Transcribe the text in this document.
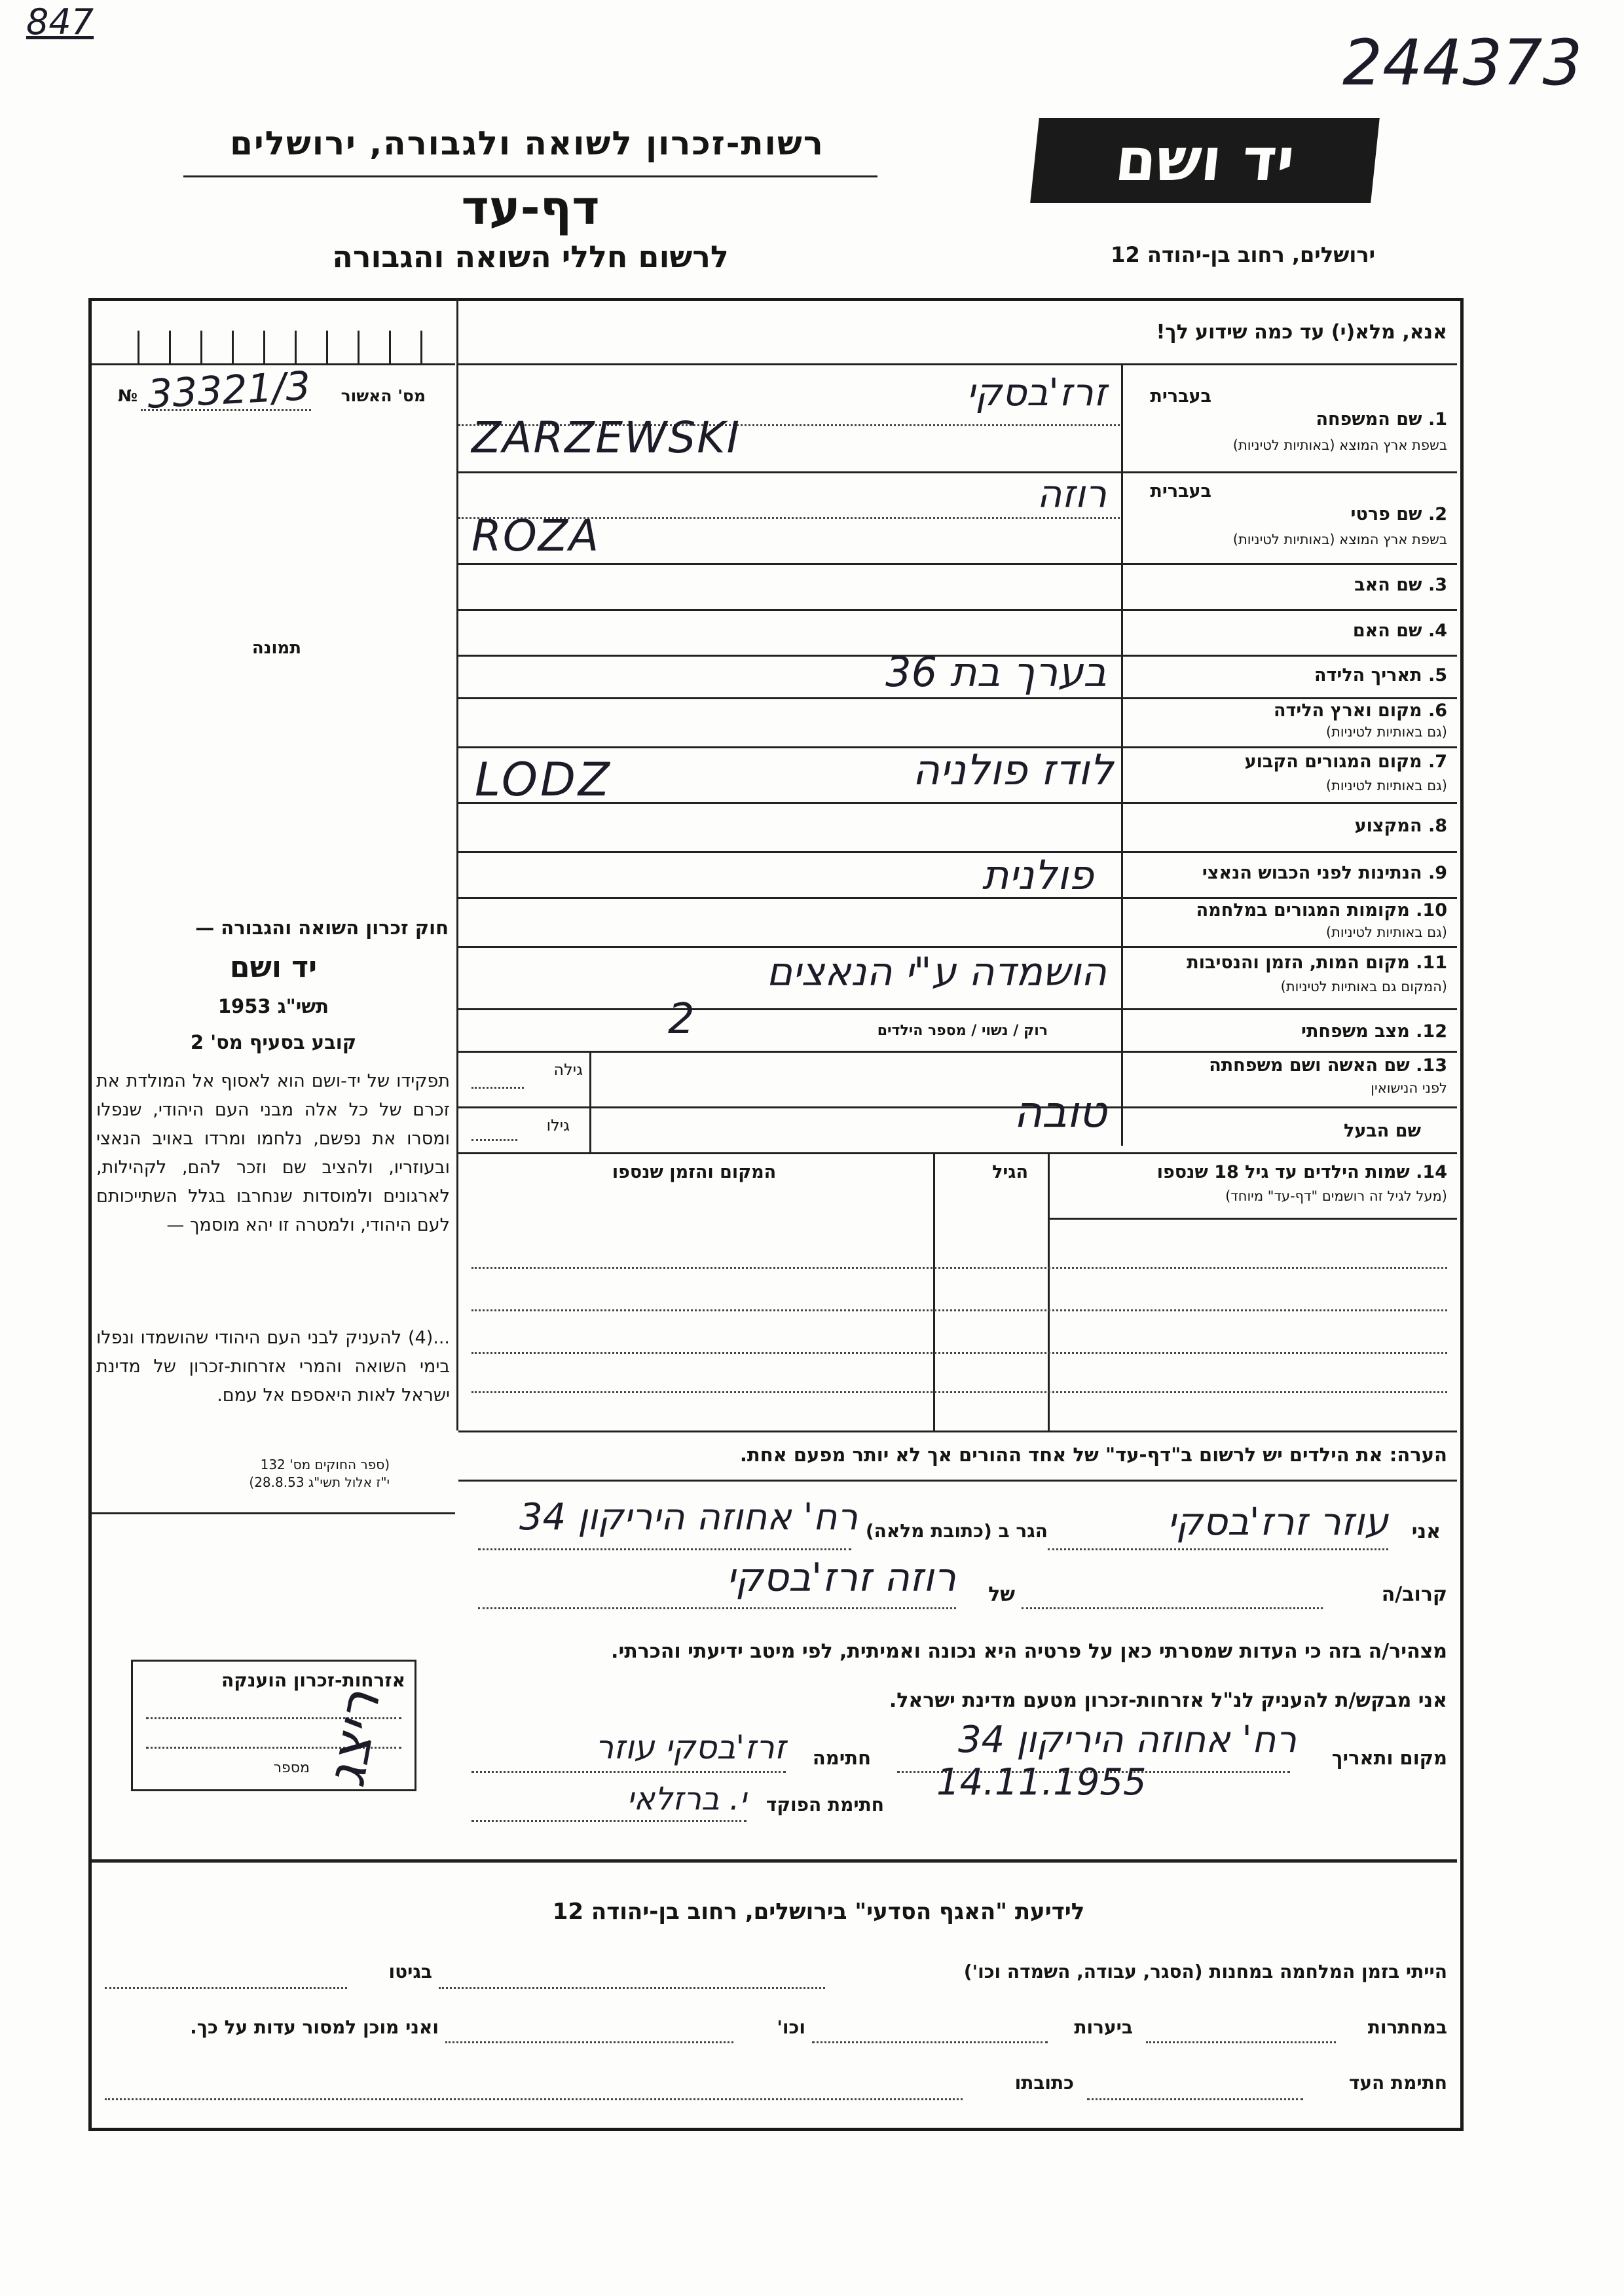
847
244373
רשות-זכרון לשואה ולגבורה, ירושלים
דף-עד
לרשום חללי השואה והגבורה
יד ושם
ירושלים, רחוב בן-יהודה 12
אנא, מלא(י) עד כמה שידוע לך!
מס' האשור
№ 33321/3
תמונה
חוק זכרון השואה והגבורה —
יד ושם
תשי"ג 1953
קובע בסעיף מס' 2
תפקידו של יד-ושם הוא לאסוף אל המולדת את זכרם של כל אלה מבני העם היהודי, שנפלו ומסרו את נפשם, נלחמו ומרדו באויב הנאצי ובעוזריו, ולהציב שם וזכר להם, לקהילות, לארגונים ולמוסדות שנחרבו בגלל השתייכותם לעם היהודי, ולמטרה זו יהא מוסמך —
...(4) להעניק לבני העם היהודי שהושמדו ונפלו בימי השואה והמרי אזרחות-זכרון של מדינת ישראל לאות היאספם אל עמם.
(ספר החוקים מס' 132
י"ז אלול תשי"ג 28.8.53)
בעברית
1. שם המשפחה
בשפת ארץ המוצא (באותיות לטיניות)
בעברית
2. שם פרטי
בשפת ארץ המוצא (באותיות לטיניות)
3. שם האב
4. שם האם
5. תאריך הלידה
6. מקום וארץ הלידה
(גם באותיות לטיניות)
7. מקום המגורים הקבוע
(גם באותיות לטיניות)
8. המקצוע
9. הנתינות לפני הכבוש הנאצי
10. מקומות המגורים במלחמה
(גם באותיות לטיניות)
11. מקום המות, הזמן והנסיבות
(המקום גם באותיות לטיניות)
12. מצב משפחתי
13. שם האשה ושם משפחתה
לפני הנישואין
שם הבעל
רוק / נשוי / מספר הילדים
גילה
גילו
זרז'בסקי
ZARZEWSKI
רוזה
ROZA
בערך בת 36
לודז פולניה
LODZ
פולנית
הושמדה ע"י הנאצים
2
טובה
14. שמות הילדים עד גיל 18 שנספו
(מעל לגיל זה רושמים "דף-עד" מיוחד)
הגיל
המקום והזמן שנספו
הערה: את הילדים יש לרשום ב"דף-עד" של אחד ההורים אך לא יותר מפעם אחת.
אני
עוזר זרז'בסקי
הגר ב (כתובת מלאה)
רח' אחוזה היריקון 34
קרוב/ה
של
רוזה זרז'בסקי
מצהיר/ה בזה כי העדות שמסרתי כאן על פרטיה היא נכונה ואמיתית, לפי מיטב ידיעתי והכרתי.
אני מבקש/ת להעניק לנ"ל אזרחות-זכרון מטעם מדינת ישראל.
מקום ותאריך
רח' אחוזה היריקון 34
14.11.1955
חתימה
זרז'בסקי עוזר
חתימת הפוקד
י. ברזלאי
אזרחות-זכרון הוענקה
מספר ריצג
לידיעת "האגף הסדעי" בירושלים, רחוב בן-יהודה 12
הייתי בזמן המלחמה במחנות (הסגר, עבודה, השמדה וכו')
בגיטו
במחתרות
ביערות
וכו'
ואני מוכן למסור עדות על כך.
חתימת העד
כתובתו
